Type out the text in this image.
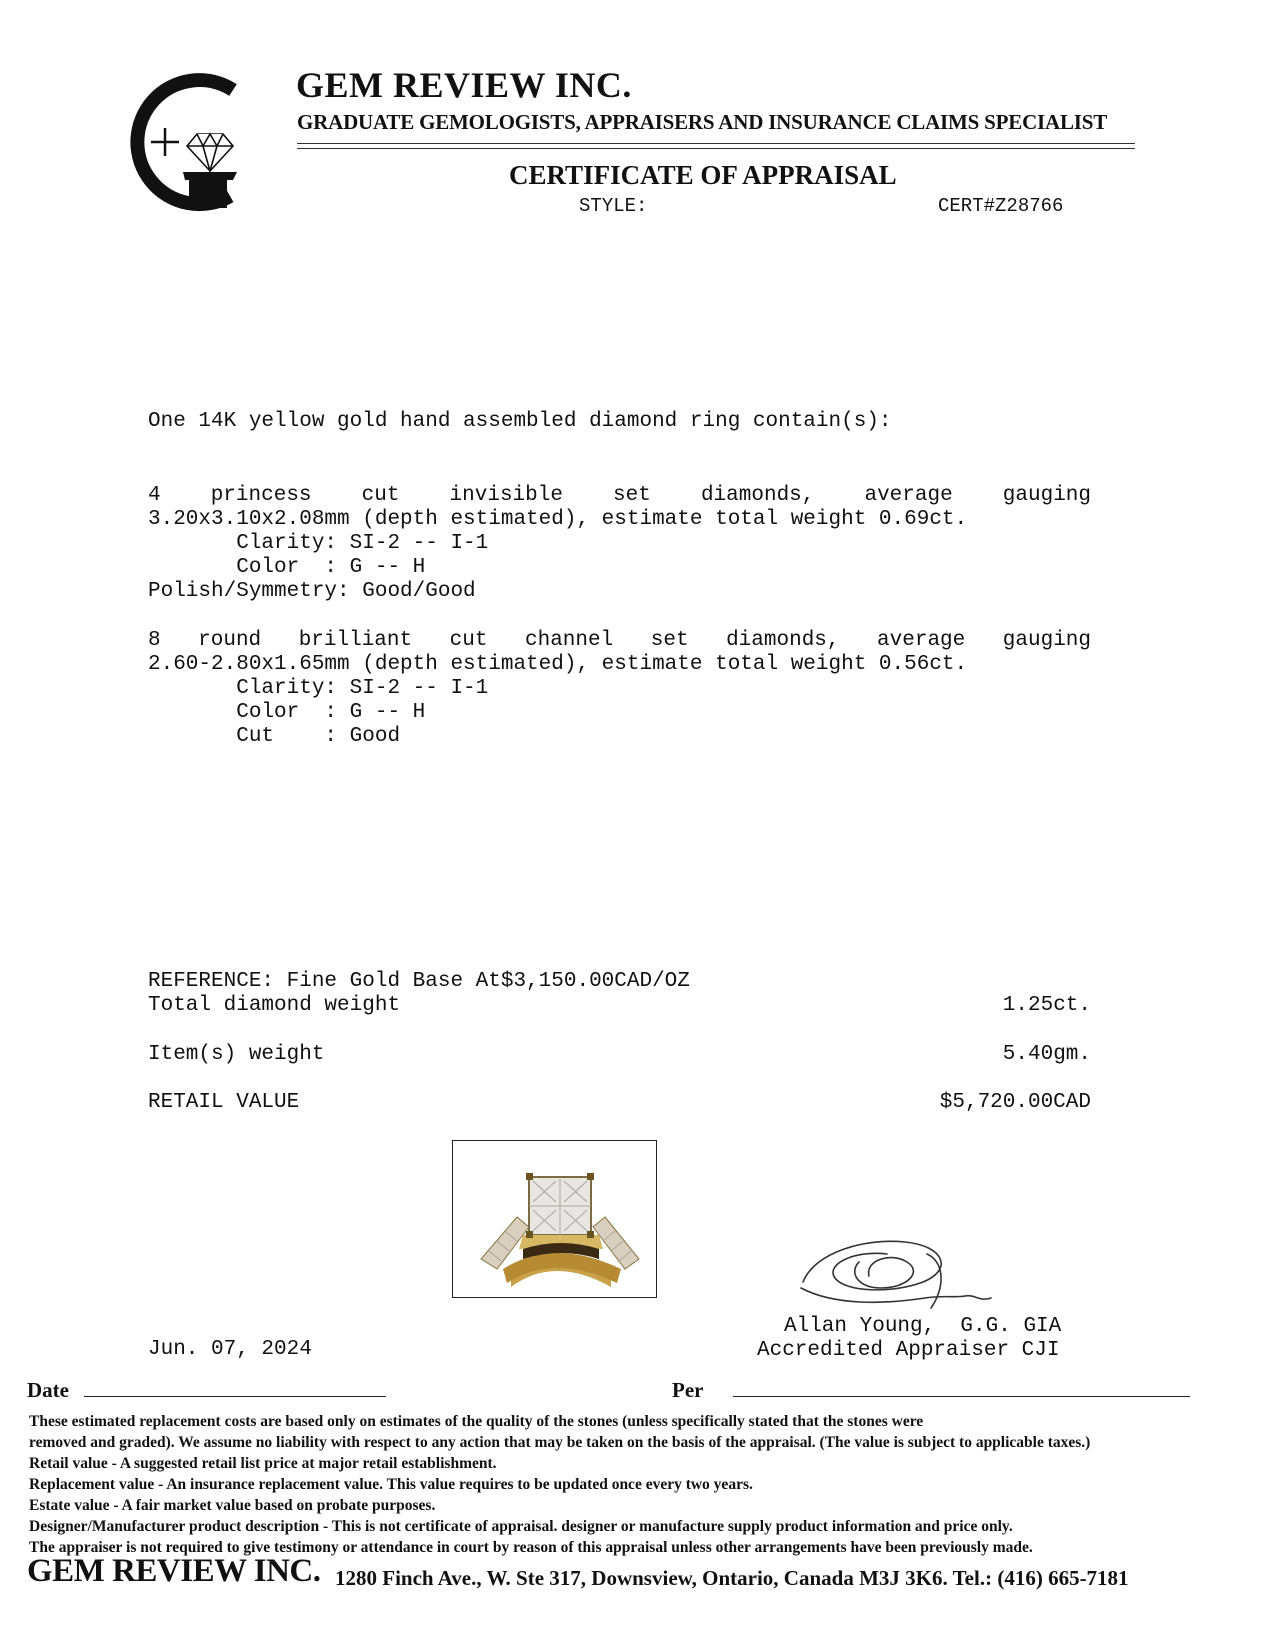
GEM REVIEW INC.
GRADUATE GEMOLOGISTS, APPRAISERS AND INSURANCE CLAIMS SPECIALIST
CERTIFICATE OF APPRAISAL
STYLE:	CERT#Z28766
One 14K yellow gold hand assembled diamond ring contain(s):
4 princess cut invisible set diamonds, average gauging
3.20x3.10x2.08mm (depth estimated), estimate total weight 0.69ct.
Clarity: SI-2 -- I-1
Color  : G -- H
Polish/Symmetry: Good/Good
8 round brilliant cut channel set diamonds, average gauging
2.60-2.80x1.65mm (depth estimated), estimate total weight 0.56ct.
Clarity: SI-2 -- I-1
Color  : G -- H
Cut    : Good
REFERENCE: Fine Gold Base At$3,150.00CAD/OZ
Total diamond weight	1.25ct.
Item(s) weight	5.40gm.
RETAIL VALUE	$5,720.00CAD
Jun. 07, 2024
Allan Young,  G.G. GIA
Accredited Appraiser CJI
Date	Per
These estimated replacement costs are based only on estimates of the quality of the stones (unless specifically stated that the stones were
removed and graded). We assume no liability with respect to any action that may be taken on the basis of the appraisal. (The value is subject to applicable taxes.)
Retail value - A suggested retail list price at major retail establishment.
Replacement value - An insurance replacement value. This value requires to be updated once every two years.
Estate value - A fair market value based on probate purposes.
Designer/Manufacturer product description - This is not certificate of appraisal. designer or manufacture supply product information and price only.
The appraiser is not required to give testimony or attendance in court by reason of this appraisal unless other arrangements have been previously made.
GEM REVIEW INC. 1280 Finch Ave., W. Ste 317, Downsview, Ontario, Canada M3J 3K6. Tel.: (416) 665-7181
